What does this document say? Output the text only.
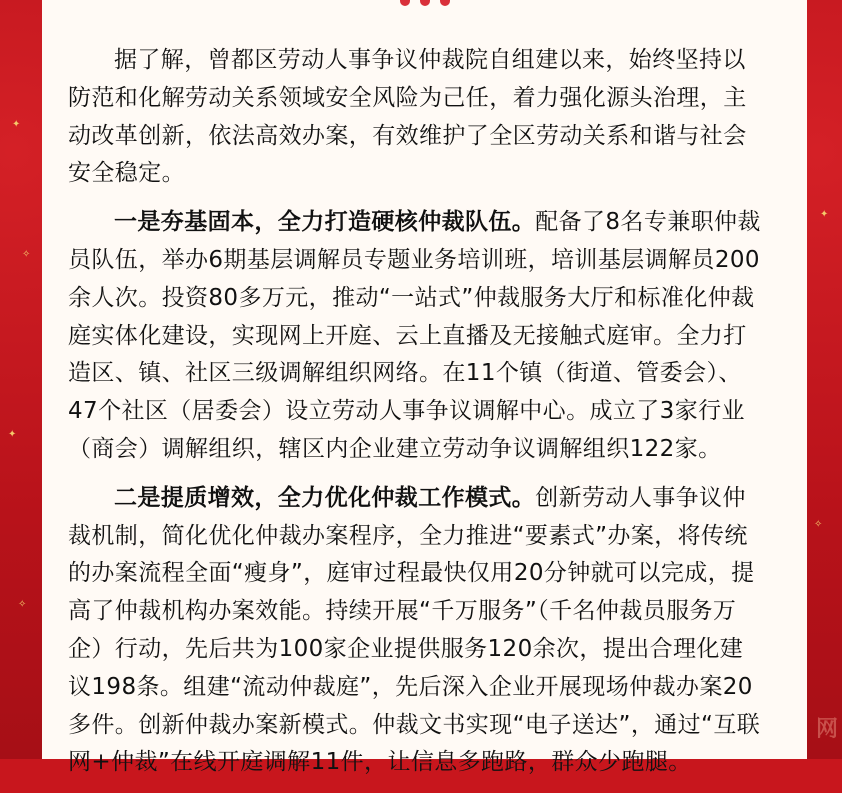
✦
✧
✦
✧
✦
✧

据了解，曾都区劳动人事争议仲裁院自组建以来，始终坚持以
防范和化解劳动关系领域安全风险为己任，着力强化源头治理，主
动改革创新，依法高效办案，有效维护了全区劳动关系和谐与社会
安全稳定。

一是夯基固本，全力打造硬核仲裁队伍。配备了8名专兼职仲裁
员队伍，举办6期基层调解员专题业务培训班，培训基层调解员200
余人次。投资80多万元，推动“一站式”仲裁服务大厅和标准化仲裁
庭实体化建设，实现网上开庭、云上直播及无接触式庭审。全力打
造区、镇、社区三级调解组织网络。在11个镇（街道、管委会）、
47个社区（居委会）设立劳动人事争议调解中心。成立了3家行业
（商会）调解组织，辖区内企业建立劳动争议调解组织122家。

二是提质增效，全力优化仲裁工作模式。创新劳动人事争议仲
裁机制，简化优化仲裁办案程序，全力推进“要素式”办案，将传统
的办案流程全面“瘦身”，庭审过程最快仅用20分钟就可以完成，提
高了仲裁机构办案效能。持续开展“千万服务”（千名仲裁员服务万
企）行动，先后共为100家企业提供服务120余次，提出合理化建
议198条。组建“流动仲裁庭”，先后深入企业开展现场仲裁办案20
多件。创新仲裁办案新模式。仲裁文书实现“电子送达”，通过“互联
网+仲裁”在线开庭调解11件，让信息多跑路，群众少跑腿。

网
